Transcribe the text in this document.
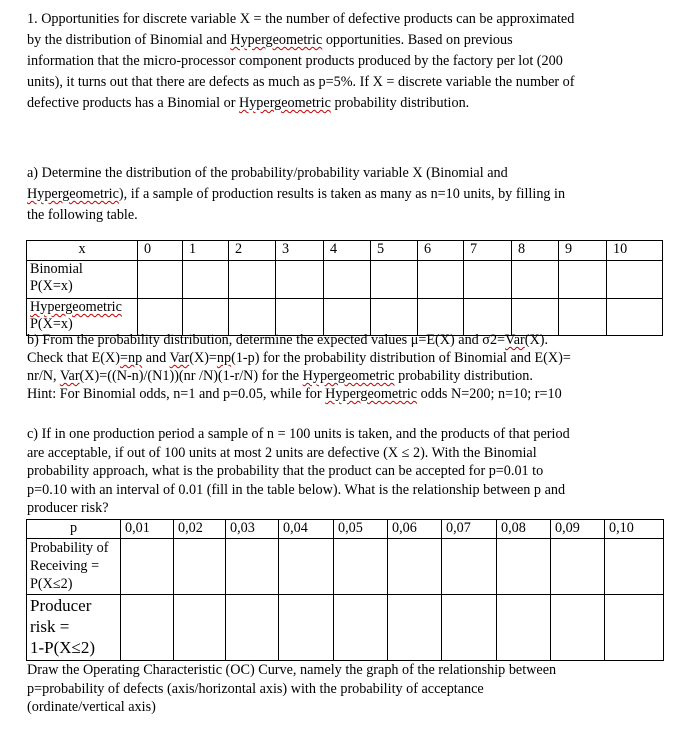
1. Opportunities for discrete variable X = the number of defective products can be approximated
by the distribution of Binomial and Hypergeometric opportunities. Based on previous
information that the micro-processor component products produced by the factory per lot (200
units), it turns out that there are defects as much as p=5%. If X = discrete variable the number of
defective products has a Binomial or Hypergeometric probability distribution.
a) Determine the distribution of the probability/probability variable X (Binomial and
Hypergeometric), if a sample of production results is taken as many as n=10 units, by filling in
the following table.
x	0	1	2	3	4	5	6	7	8	9	10

Binomial
P(X=x)											

Hypergeometric
P(X=x)											

b) From the probability distribution, determine the expected values μ=E(X) and σ2=Var(X).
Check that E(X)=np and Var(X)=np(1-p) for the probability distribution of Binomial and E(X)=
nr/N, Var(X)=((N-n)/(N1))(nr /N)(1-r/N) for the Hypergeometric probability distribution.
Hint: For Binomial odds, n=1 and p=0.05, while for Hypergeometric odds N=200; n=10; r=10
c) If in one production period a sample of n = 100 units is taken, and the products of that period
are acceptable, if out of 100 units at most 2 units are defective (X ≤ 2). With the Binomial
probability approach, what is the probability that the product can be accepted for p=0.01 to
p=0.10 with an interval of 0.01 (fill in the table below). What is the relationship between p and
producer risk?
p	0,01	0,02	0,03	0,04	0,05	0,06	0,07	0,08	0,09	0,10

Probability of
Receiving =
P(X≤2)										

Producer
risk =
1-P(X≤2)										

Draw the Operating Characteristic (OC) Curve, namely the graph of the relationship between
p=probability of defects (axis/horizontal axis) with the probability of acceptance
(ordinate/vertical axis)
